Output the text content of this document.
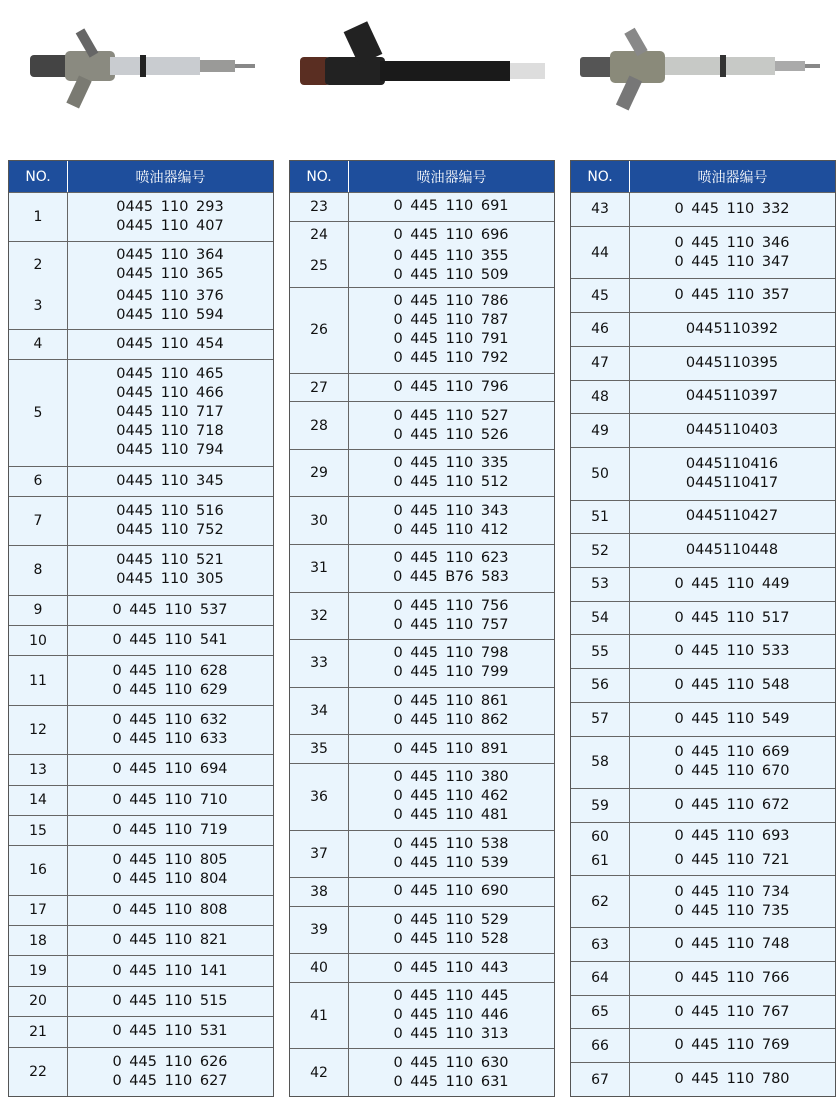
NO.	喷油器编号
1
0445 110 293
0445 110 407
2
0445 110 364
0445 110 365
3
0445 110 376
0445 110 594
4	0445 110 454
5
0445 110 465
0445 110 466
0445 110 717
0445 110 718
0445 110 794
6	0445 110 345
7
0445 110 516
0445 110 752
8
0445 110 521
0445 110 305
9	0 445 110 537
10	0 445 110 541
11
0 445 110 628
0 445 110 629
12
0 445 110 632
0 445 110 633
13	0 445 110 694
14	0 445 110 710
15	0 445 110 719
16
0 445 110 805
0 445 110 804
17	0 445 110 808
18	0 445 110 821
19	0 445 110 141
20	0 445 110 515
21	0 445 110 531
22
0 445 110 626
0 445 110 627
NO.	喷油器编号
23	0 445 110 691
24	0 445 110 696
25
0 445 110 355
0 445 110 509
26
0 445 110 786
0 445 110 787
0 445 110 791
0 445 110 792
27	0 445 110 796
28
0 445 110 527
0 445 110 526
29
0 445 110 335
0 445 110 512
30
0 445 110 343
0 445 110 412
31
0 445 110 623
0 445 B76 583
32
0 445 110 756
0 445 110 757
33
0 445 110 798
0 445 110 799
34
0 445 110 861
0 445 110 862
35	0 445 110 891
36
0 445 110 380
0 445 110 462
0 445 110 481
37
0 445 110 538
0 445 110 539
38	0 445 110 690
39
0 445 110 529
0 445 110 528
40	0 445 110 443
41
0 445 110 445
0 445 110 446
0 445 110 313
42
0 445 110 630
0 445 110 631
NO.	喷油器编号
43	0 445 110 332
44
0 445 110 346
0 445 110 347
45	0 445 110 357
46	0445110392
47	0445110395
48	0445110397
49	0445110403
50
0445110416
0445110417
51	0445110427
52	0445110448
53	0 445 110 449
54	0 445 110 517
55	0 445 110 533
56	0 445 110 548
57	0 445 110 549
58
0 445 110 669
0 445 110 670
59	0 445 110 672
60	0 445 110 693
61	0 445 110 721
62
0 445 110 734
0 445 110 735
63	0 445 110 748
64	0 445 110 766
65	0 445 110 767
66	0 445 110 769
67	0 445 110 780
